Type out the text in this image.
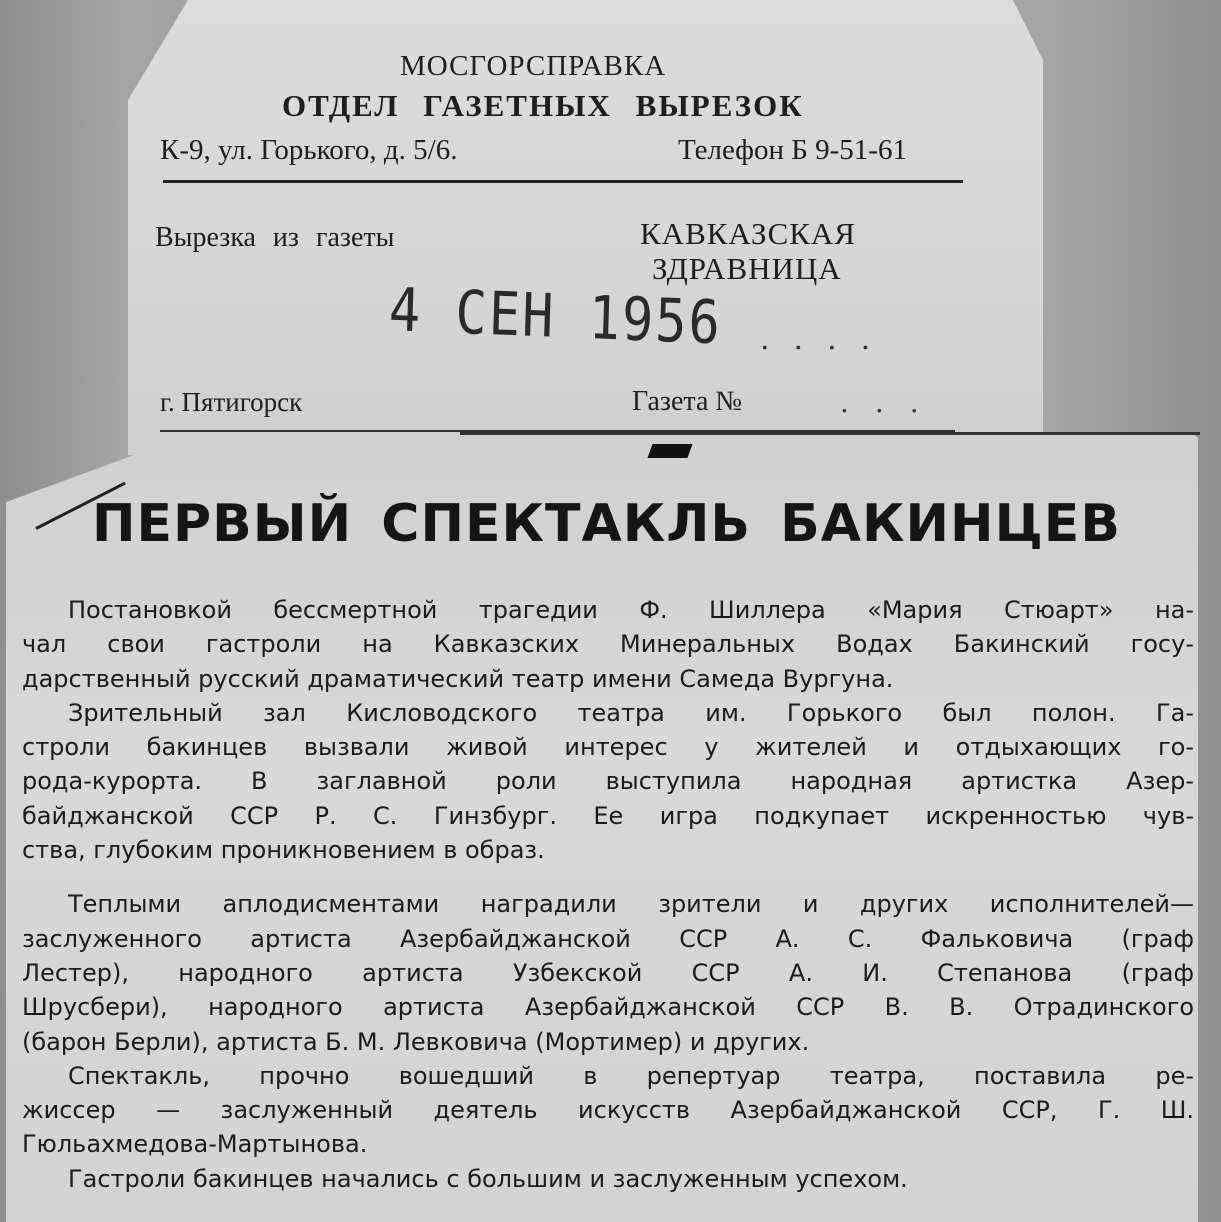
МОСГОРСПРАВКА
ОТДЕЛ ГАЗЕТНЫХ ВЫРЕЗОК
К-9, ул. Горького, д. 5/6.	Телефон Б 9-51-61
Вырезка из газеты	КАВКАЗСКАЯ
ЗДРАВНИЦА
4 СЕН 1956 ....
г. Пятигорск	Газета №	...
ПЕРВЫЙ СПЕКТАКЛЬ БАКИНЦЕВ

Постановкой бессмертной трагедии Ф. Шиллера «Мария Стюарт» на-

чал свои гастроли на Кавказских Минеральных Водах Бакинский госу-

дарственный русский драматический театр имени Самеда Вургуна.

Зрительный зал Кисловодского театра им. Горького был полон. Га-

строли бакинцев вызвали живой интерес у жителей и отдыхающих го-

рода-курорта. В заглавной роли выступила народная артистка Азер-

байджанской ССР Р. С. Гинзбург. Ее игра подкупает искренностью чув-

ства, глубоким проникновением в образ.

Теплыми аплодисментами наградили зрители и других исполнителей—

заслуженного артиста Азербайджанской ССР А. С. Фальковича (граф

Лестер), народного артиста Узбекской ССР А. И. Степанова (граф

Шрусбери), народного артиста Азербайджанской ССР В. В. Отрадинского

(барон Берли), артиста Б. М. Левковича (Мортимер) и других.

Спектакль, прочно вошедший в репертуар театра, поставила ре-

жиссер — заслуженный деятель искусств Азербайджанской ССР, Г. Ш.

Гюльахмедова-Мартынова.

Гастроли бакинцев начались с большим и заслуженным успехом.
